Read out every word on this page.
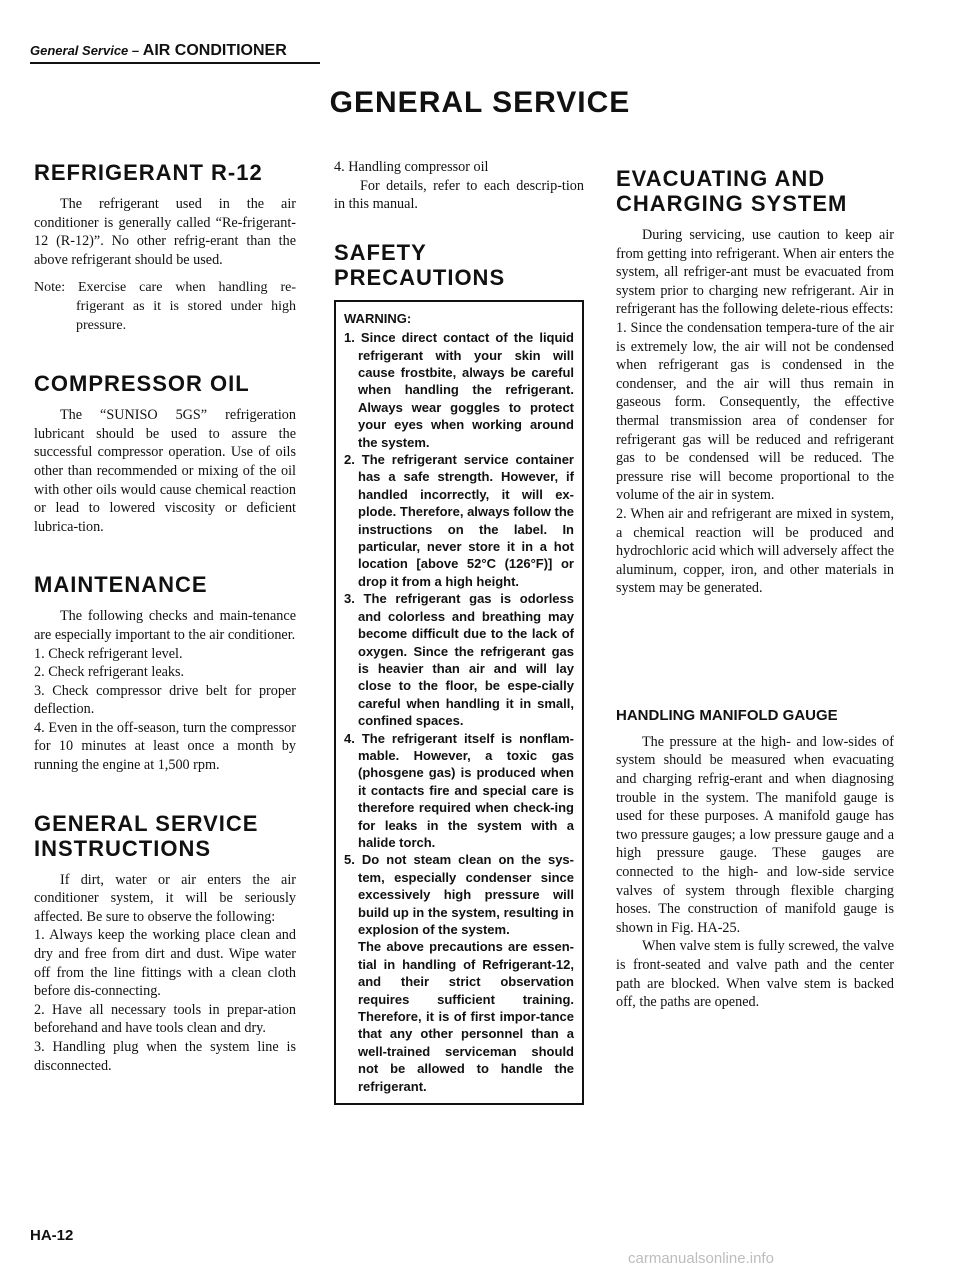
General Service – AIR CONDITIONER
GENERAL SERVICE
REFRIGERANT R-12

The refrigerant used in the air conditioner is generally called “Re-frigerant-12 (R-12)”. No other refrig-erant than the above refrigerant should be used.

Note: Exercise care when handling re-frigerant as it is stored under high pressure.

COMPRESSOR OIL

The “SUNISO 5GS” refrigeration lubricant should be used to assure the successful compressor operation. Use of oils other than recommended or mixing of the oil with other oils would cause chemical reaction or lead to lowered viscosity or deficient lubrica-tion.

MAINTENANCE

The following checks and main-tenance are especially important to the air conditioner.

1. Check refrigerant level.
2. Check refrigerant leaks.
3. Check compressor drive belt for proper deflection.
4. Even in the off-season, turn the compressor for 10 minutes at least once a month by running the engine at 1,500 rpm.
GENERAL SERVICE INSTRUCTIONS

If dirt, water or air enters the air conditioner system, it will be seriously affected. Be sure to observe the following:

1. Always keep the working place clean and dry and free from dirt and dust. Wipe water off from the line fittings with a clean cloth before dis-connecting.
2. Have all necessary tools in prepar-ation beforehand and have tools clean and dry.
3. Handling plug when the system line is disconnected.

4. Handling compressor oil

For details, refer to each descrip-tion in this manual.

SAFETY PRECAUTIONS
WARNING:
1. Since direct contact of the liquid refrigerant with your skin will cause frostbite, always be careful when handling the refrigerant. Always wear goggles to protect your eyes when working around the system.
2. The refrigerant service container has a safe strength. However, if handled incorrectly, it will ex-plode. Therefore, always follow the instructions on the label. In particular, never store it in a hot location [above 52°C (126°F)] or drop it from a high height.
3. The refrigerant gas is odorless and colorless and breathing may become difficult due to the lack of oxygen. Since the refrigerant gas is heavier than air and will lay close to the floor, be espe-cially careful when handling it in small, confined spaces.
4. The refrigerant itself is nonflam-mable. However, a toxic gas (phosgene gas) is produced when it contacts fire and special care is therefore required when check-ing for leaks in the system with a halide torch.
5. Do not steam clean on the sys-tem, especially condenser since excessively high pressure will build up in the system, resulting in explosion of the system.

The above precautions are essen-tial in handling of Refrigerant-12, and their strict observation requires sufficient training. Therefore, it is of first impor-tance that any other personnel than a well-trained serviceman should not be allowed to handle the refrigerant.

EVACUATING AND CHARGING SYSTEM

During servicing, use caution to keep air from getting into refrigerant. When air enters the system, all refriger-ant must be evacuated from system prior to charging new refrigerant. Air in refrigerant has the following delete-rious effects:

1. Since the condensation tempera-ture of the air is extremely low, the air will not be condensed when refrigerant gas is condensed in the condenser, and the air will thus remain in gaseous form. Consequently, the effective thermal transmission area of condenser for refrigerant gas will be reduced and refrigerant gas to be condensed will be reduced. The pressure rise will become proportional to the volume of the air in system.
2. When air and refrigerant are mixed in system, a chemical reaction will be produced and hydrochloric acid which will adversely affect the aluminum, copper, iron, and other materials in system may be generated.
HANDLING MANIFOLD GAUGE

The pressure at the high- and low-sides of system should be measured when evacuating and charging refrig-erant and when diagnosing trouble in the system. The manifold gauge is used for these purposes. A manifold gauge has two pressure gauges; a low pressure gauge and a high pressure gauge. These gauges are connected to the high- and low-side service valves of system through flexible charging hoses. The construction of manifold gauge is shown in Fig. HA-25.

When valve stem is fully screwed, the valve is front-seated and valve path and the center path are blocked. When valve stem is backed off, the paths are opened.

HA-12
carmanualsonline.info
